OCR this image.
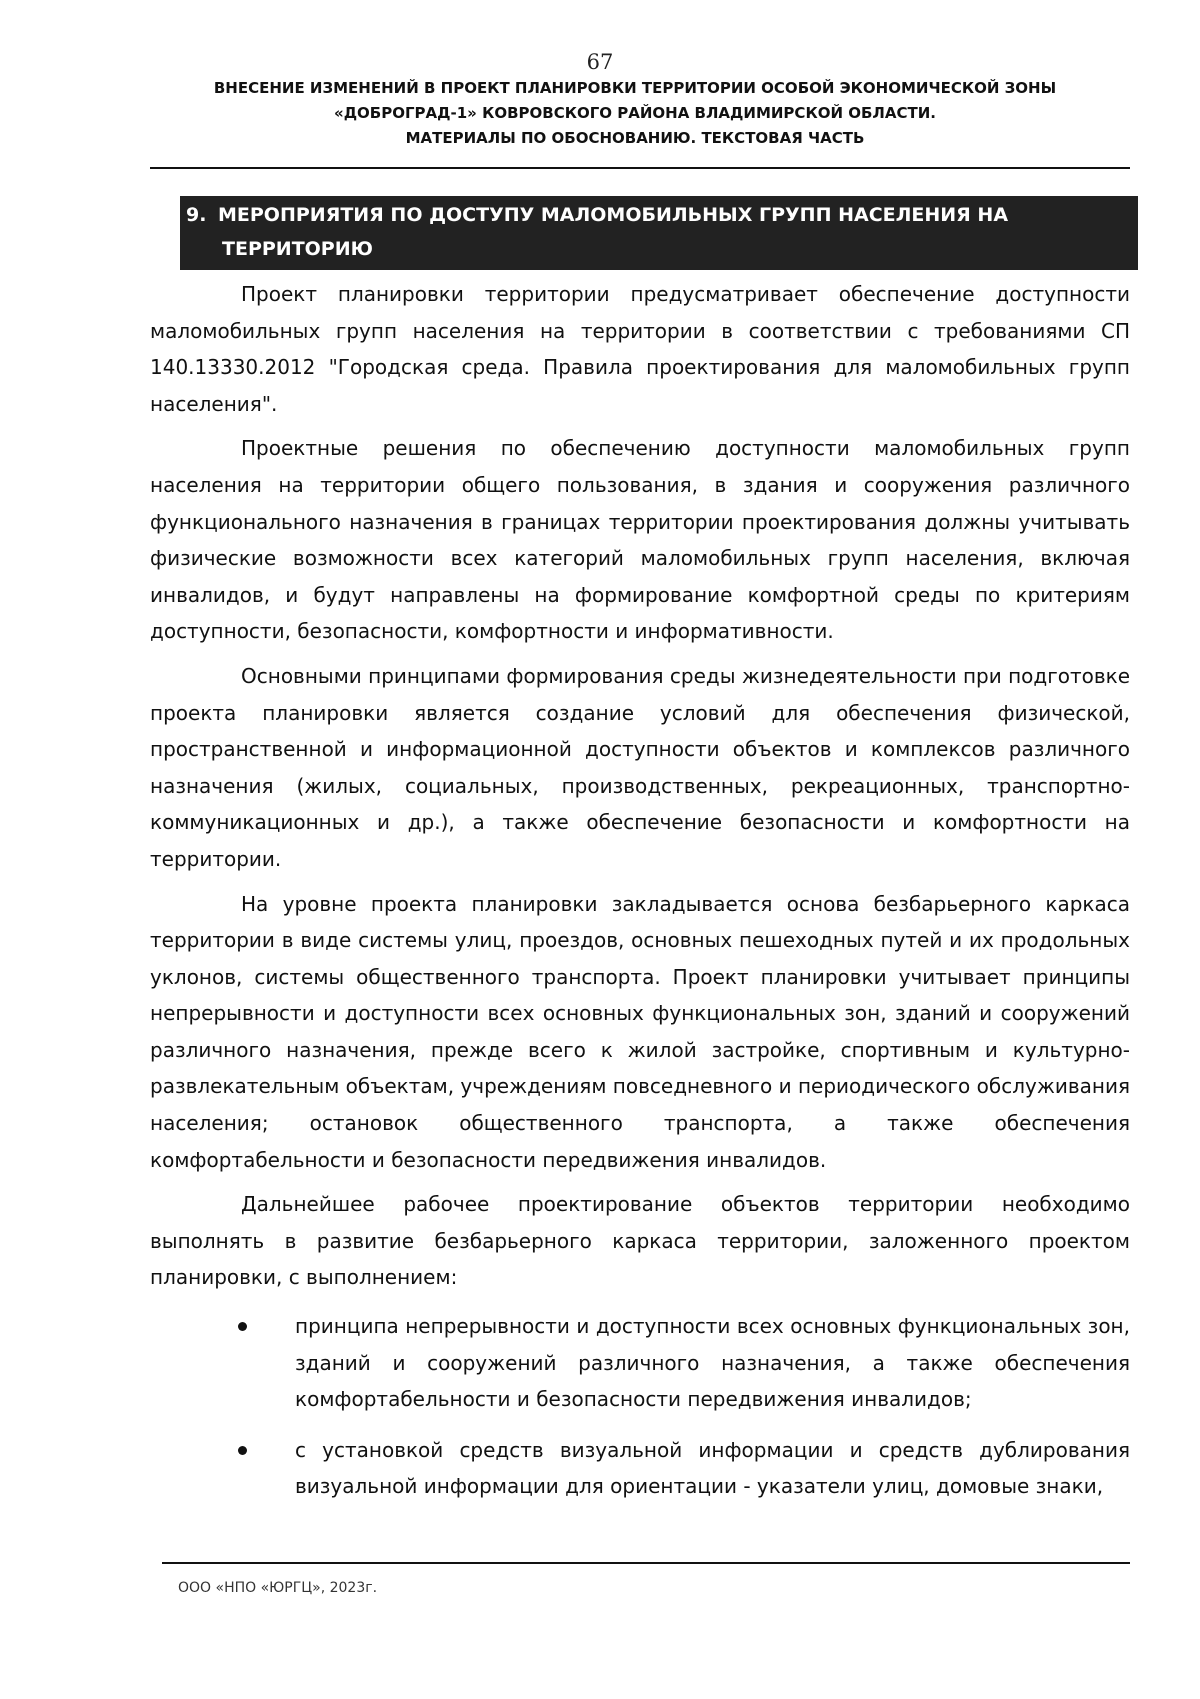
67
ВНЕСЕНИЕ ИЗМЕНЕНИЙ В ПРОЕКТ ПЛАНИРОВКИ ТЕРРИТОРИИ ОСОБОЙ ЭКОНОМИЧЕСКОЙ ЗОНЫ
«ДОБРОГРАД-1» КОВРОВСКОГО РАЙОНА ВЛАДИМИРСКОЙ ОБЛАСТИ.
МАТЕРИАЛЫ ПО ОБОСНОВАНИЮ. ТЕКСТОВАЯ ЧАСТЬ
9. МЕРОПРИЯТИЯ ПО ДОСТУПУ МАЛОМОБИЛЬНЫХ ГРУПП НАСЕЛЕНИЯ НА
ТЕРРИТОРИЮ

Проект планировки территории предусматривает обеспечение доступности маломобильных групп населения на территории в соответствии с требованиями СП 140.13330.2012 "Городская среда. Правила проектирования для маломобильных групп населения".

Проектные решения по обеспечению доступности маломобильных групп населения на территории общего пользования, в здания и сооружения различного функционального назначения в границах территории проектирования должны учитывать физические возможности всех категорий маломобильных групп населения, включая инвалидов, и будут направлены на формирование комфортной среды по критериям доступности, безопасности, комфортности и информативности.

Основными принципами формирования среды жизнедеятельности при подготовке проекта планировки является создание условий для обеспечения физической, пространственной и информационной доступности объектов и комплексов различного назначения (жилых, социальных, производственных, рекреационных, транспортно-коммуникационных и др.), а также обеспечение безопасности и комфортности на территории.

На уровне проекта планировки закладывается основа безбарьерного каркаса территории в виде системы улиц, проездов, основных пешеходных путей и их продольных уклонов, системы общественного транспорта. Проект планировки учитывает принципы непрерывности и доступности всех основных функциональных зон, зданий и сооружений различного назначения, прежде всего к жилой застройке, спортивным и культурно-развлекательным объектам, учреждениям повседневного и периодического обслуживания населения; остановок общественного транспорта, а также обеспечения комфортабельности и безопасности передвижения инвалидов.

Дальнейшее рабочее проектирование объектов территории необходимо выполнять в развитие безбарьерного каркаса территории, заложенного проектом планировки, с выполнением:

принципа непрерывности и доступности всех основных функциональных зон, зданий и сооружений различного назначения, а также обеспечения комфортабельности и безопасности передвижения инвалидов;
с установкой средств визуальной информации и средств дублирования визуальной информации для ориентации - указатели улиц, домовые знаки,
ООО «НПО «ЮРГЦ», 2023г.
